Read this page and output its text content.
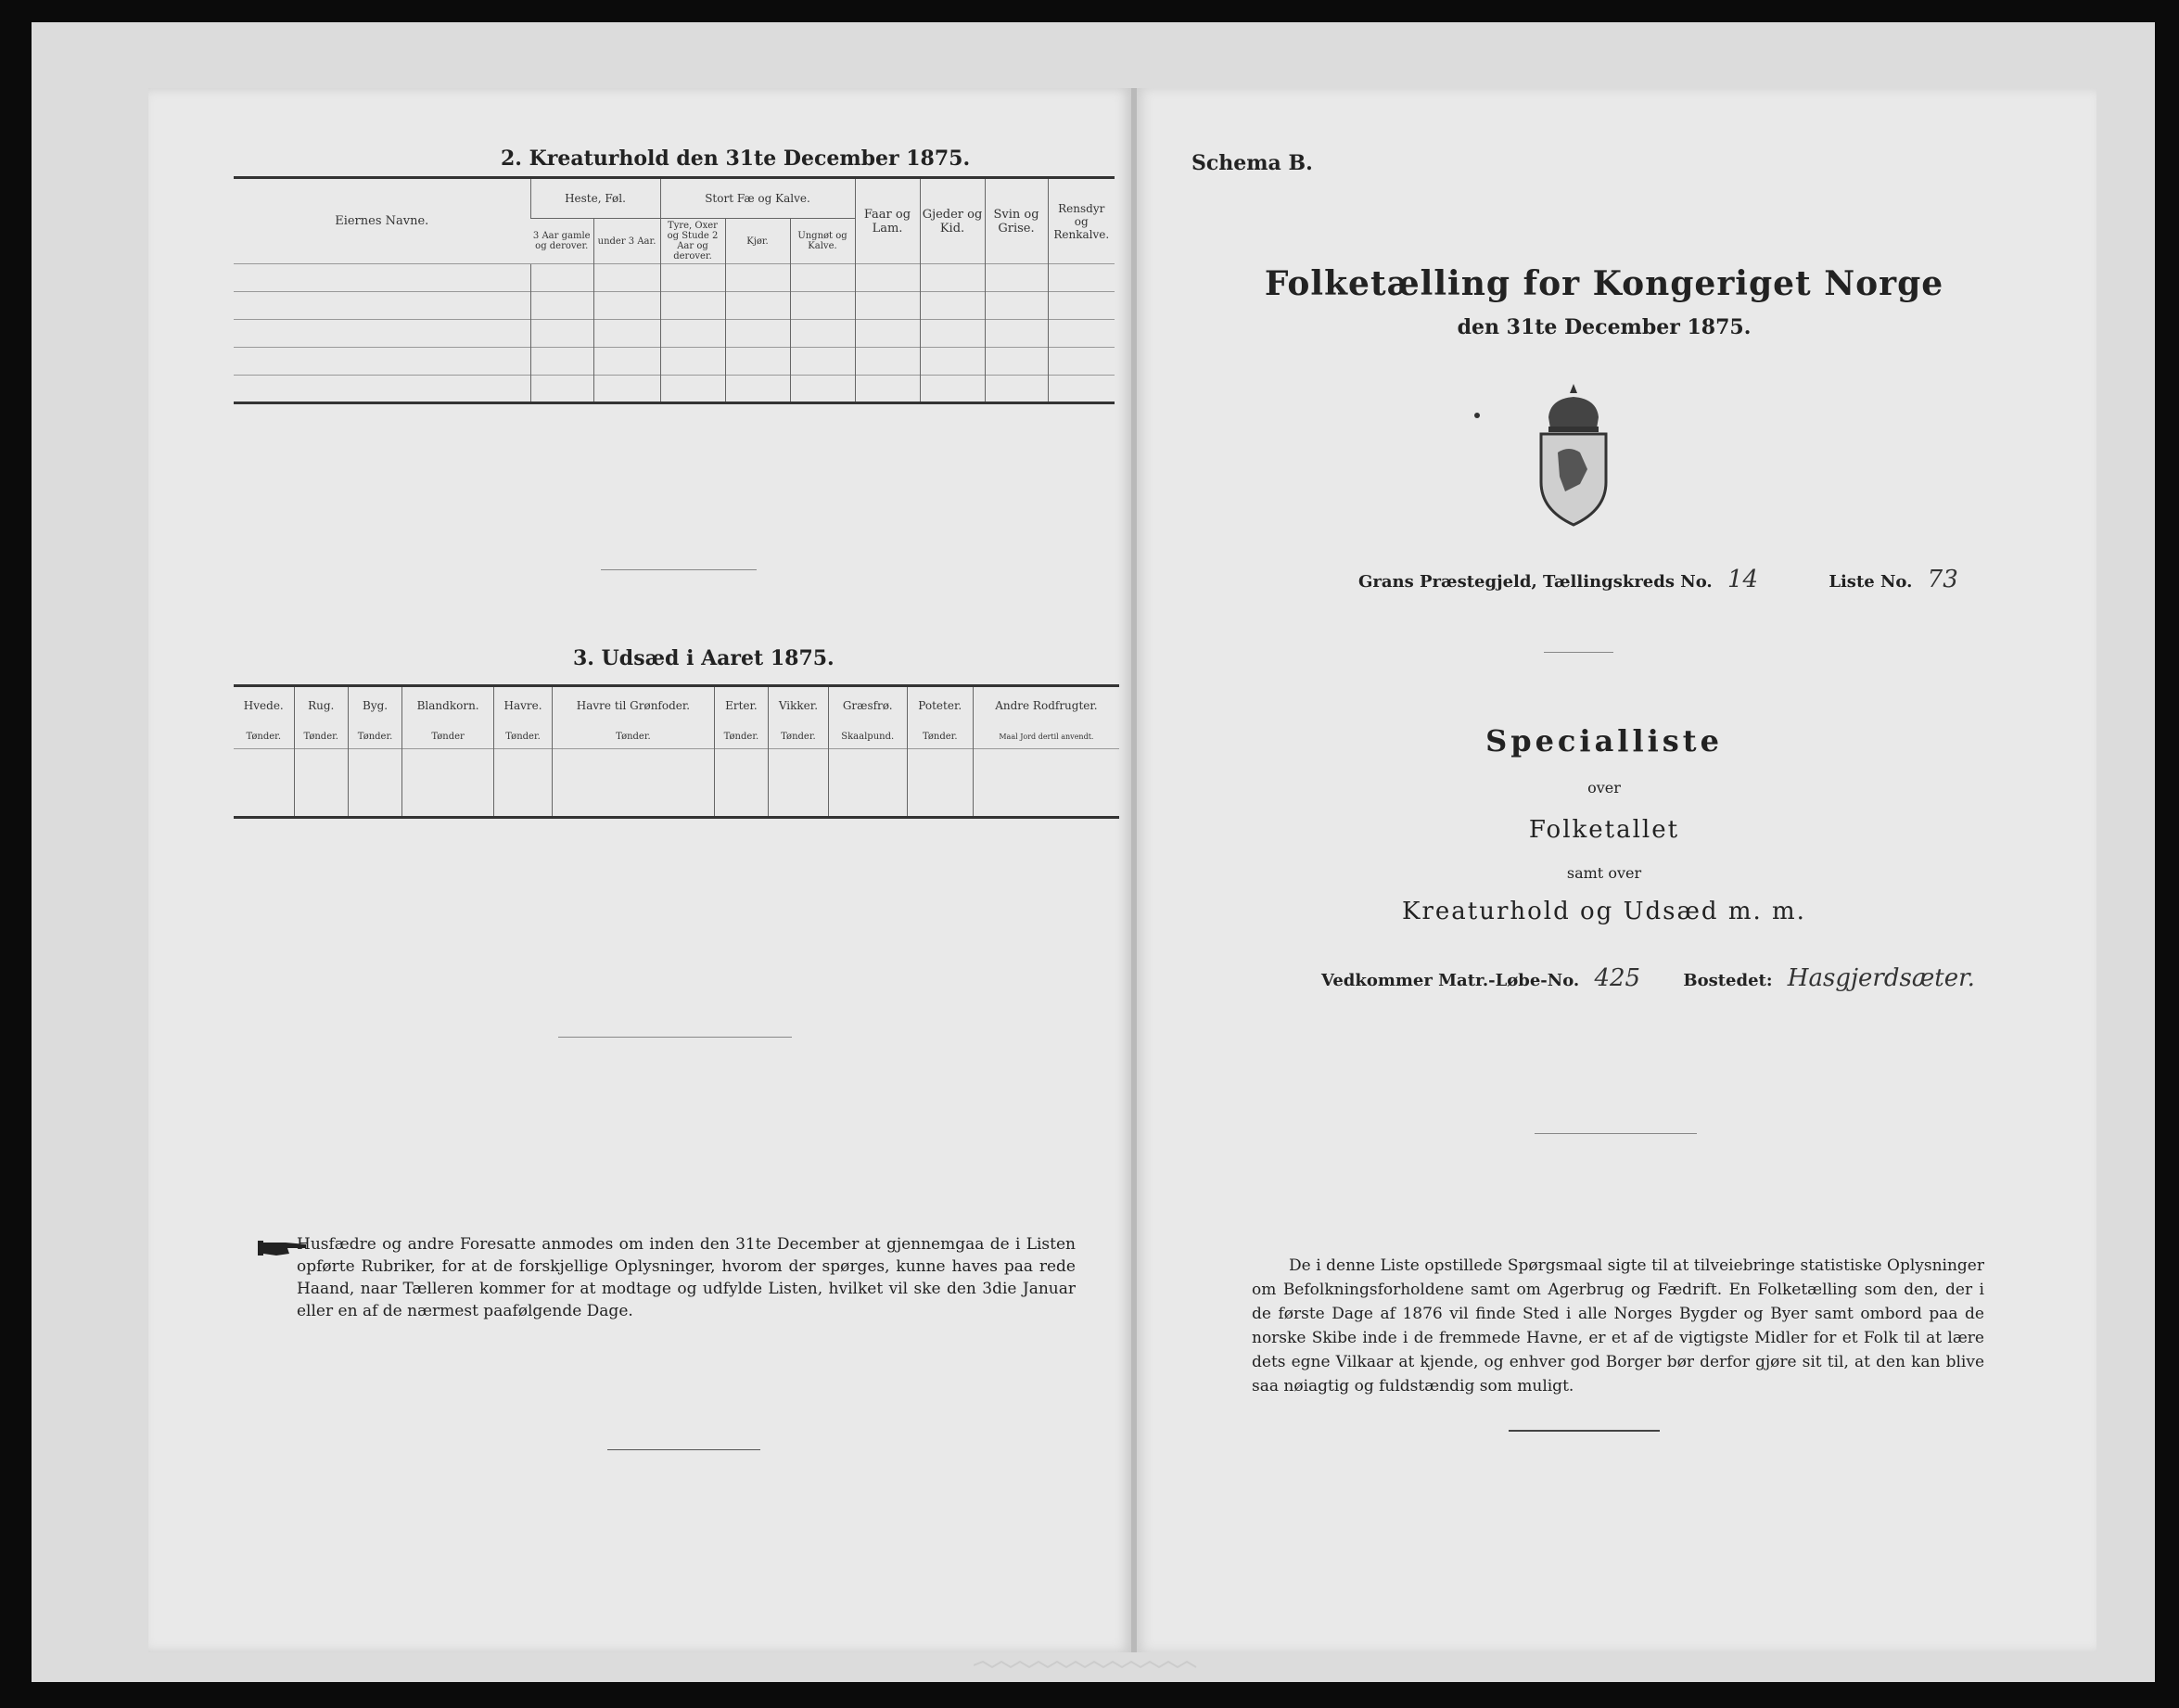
2. Kreaturhold den 31te December 1875.
Eiernes Navne.	Heste, Føl.		Stort Fæ og Kalve.			Faar og Lam.	Gjeder og Kid.	Svin og Grise.	Rensdyr og Renkalve.
	3 Aar gamle og derover.	under 3 Aar.	Tyre, Oxer og Stude 2 Aar og derover.	Kjør.	Ungnøt og Kalve.				

3. Udsæd i Aaret 1875.
Hvede.	Rug.	Byg.	Blandkorn.	Havre.	Havre til Grønfoder.	Erter.	Vikker.	Græsfrø.	Poteter.	Andre Rodfrugter.
Tønder.	Tønder.	Tønder.	Tønder	Tønder.	Tønder.	Tønder.	Tønder.	Skaalpund.	Tønder.	Maal Jord dertil anvendt.

Husfædre og andre Foresatte anmodes om inden den 31te December at gjennemgaa de i Listen opførte Rubriker, for at de forskjellige Oplysninger, hvorom der spørges, kunne haves paa rede Haand, naar Tælleren kommer for at modtage og udfylde Listen, hvilket vil ske den 3die Januar eller en af de nærmest paafølgende Dage.
Schema B.
Folketælling for Kongeriget Norge
den 31te December 1875.
Grans Præstegjeld, Tællingskreds No. 14	Liste No. 73
Specialliste
over
Folketallet
samt over
Kreaturhold og Udsæd m. m.
Vedkommer Matr.-Løbe-No. 425	Bostedet: Hasgjerdsæter.
De i denne Liste opstillede Spørgsmaal sigte til at tilveiebringe statistiske Oplysninger om Befolkningsforholdene samt om Agerbrug og Fædrift. En Folketælling som den, der i de første Dage af 1876 vil finde Sted i alle Norges Bygder og Byer samt ombord paa de norske Skibe inde i de fremmede Havne, er et af de vigtigste Midler for et Folk til at lære dets egne Vilkaar at kjende, og enhver god Borger bør derfor gjøre sit til, at den kan blive saa nøiagtig og fuldstændig som muligt.
